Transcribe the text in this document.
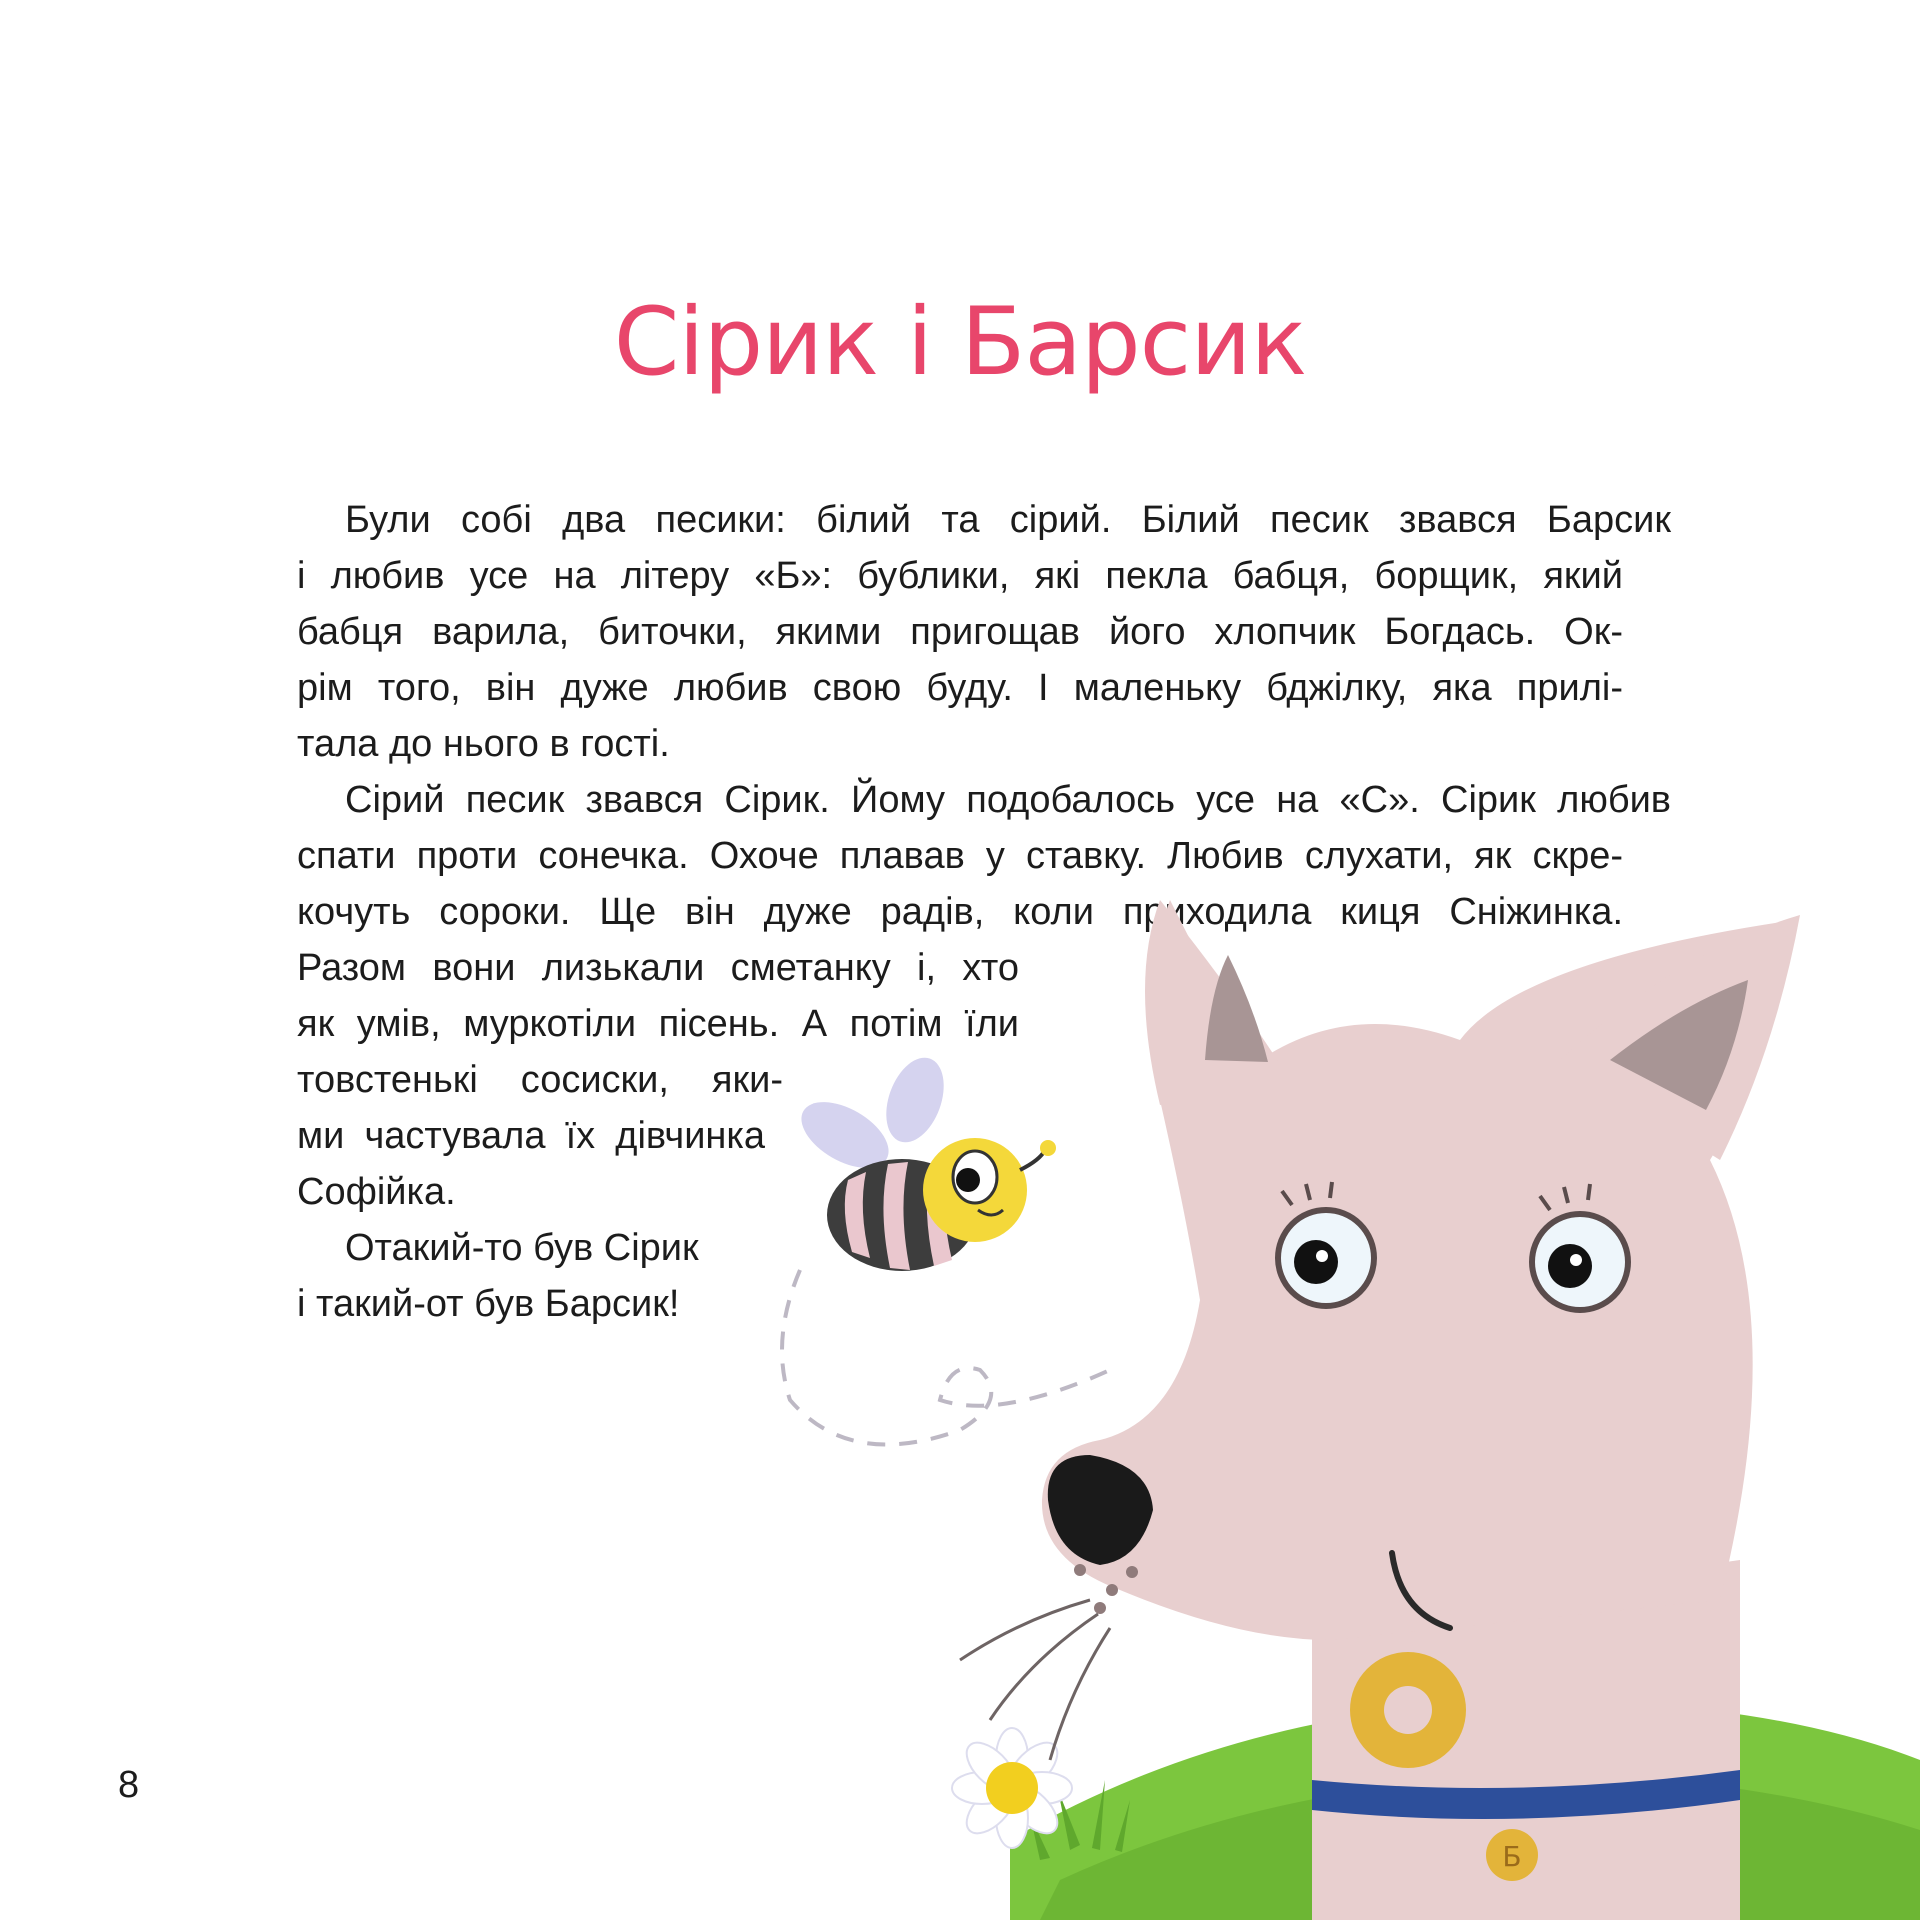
Сірик і Барсик

Були собі два песики: білий та сірий. Білий песик звався Барсик

і любив усе на літеру «Б»: бублики, які пекла бабця, борщик, який

бабця варила, биточки, якими пригощав його хлопчик Богдась. Ок-

рім того, він дуже любив свою буду. І маленьку бджілку, яка прилі-

тала до нього в гості.

Сірий песик звався Сірик. Йому подобалось усе на «С». Сірик любив

спати проти сонечка. Охоче плавав у ставку. Любив слухати, як скре-

кочуть сороки. Ще він дуже радів, коли приходила киця Сніжинка.

Разом вони лизькали сметанку і, хто

як умів, муркотіли пісень. А потім їли

товстенькі сосиски, яки-

ми частувала їх дівчинка

Софійка.

Отакий-то був Сірик

і такий-от був Барсик!

8

Б
